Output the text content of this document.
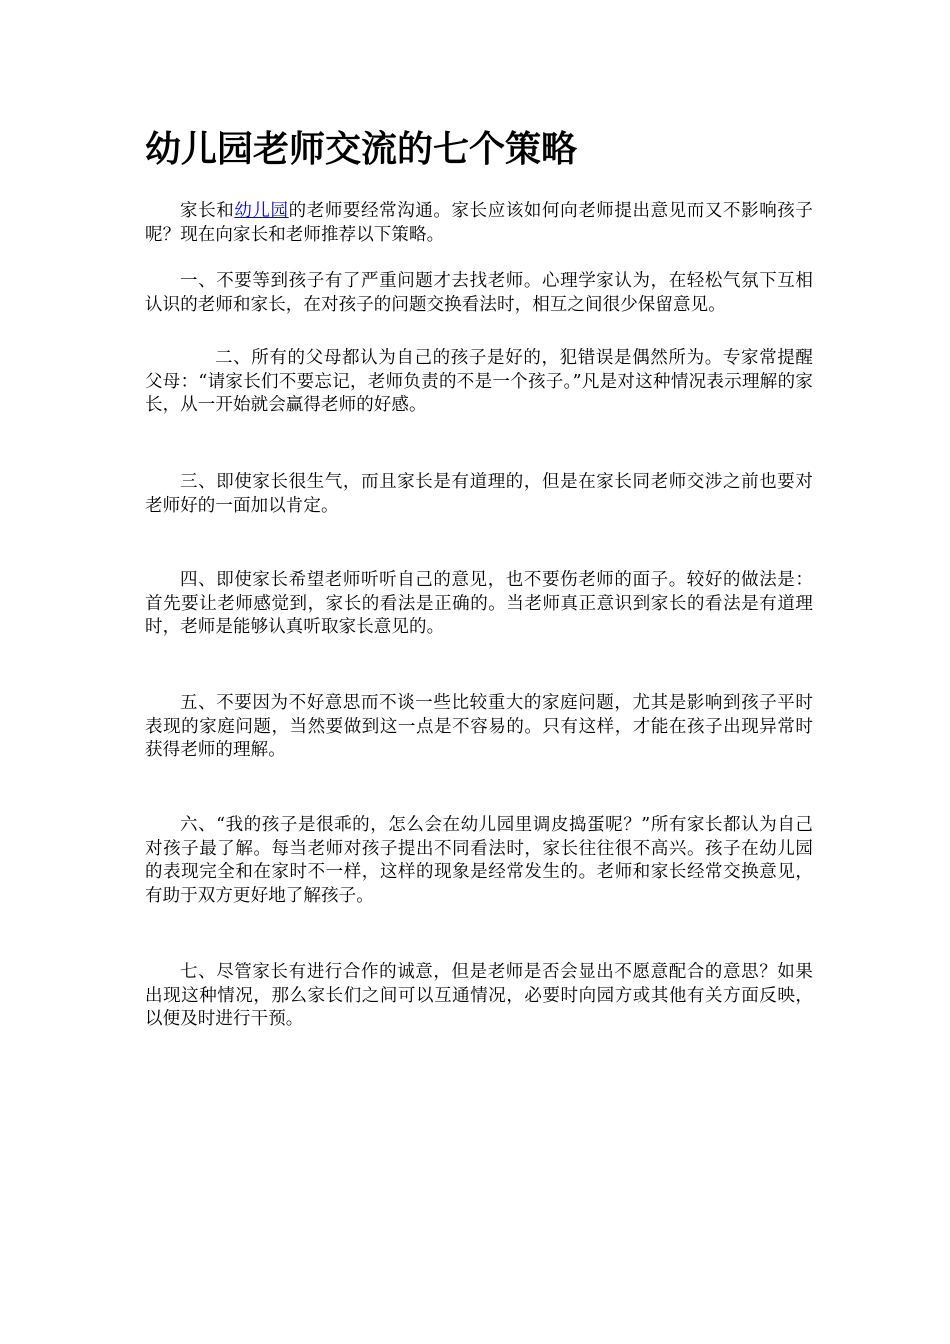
幼儿园老师交流的七个策略

家长和幼儿园的老师要经常沟通。家长应该如何向老师提出意见而又不影响孩子呢？现在向家长和老师推荐以下策略。

一、不要等到孩子有了严重问题才去找老师。心理学家认为，在轻松气氛下互相认识的老师和家长，在对孩子的问题交换看法时，相互之间很少保留意见。

二、所有的父母都认为自己的孩子是好的，犯错误是偶然所为。专家常提醒父母：“请家长们不要忘记，老师负责的不是一个孩子。”凡是对这种情况表示理解的家长，从一开始就会赢得老师的好感。

三、即使家长很生气，而且家长是有道理的，但是在家长同老师交涉之前也要对老师好的一面加以肯定。

四、即使家长希望老师听听自己的意见，也不要伤老师的面子。较好的做法是：首先要让老师感觉到，家长的看法是正确的。当老师真正意识到家长的看法是有道理时，老师是能够认真听取家长意见的。

五、不要因为不好意思而不谈一些比较重大的家庭问题，尤其是影响到孩子平时表现的家庭问题，当然要做到这一点是不容易的。只有这样，才能在孩子出现异常时获得老师的理解。

六、“我的孩子是很乖的，怎么会在幼儿园里调皮捣蛋呢？”所有家长都认为自己对孩子最了解。每当老师对孩子提出不同看法时，家长往往很不高兴。孩子在幼儿园的表现完全和在家时不一样，这样的现象是经常发生的。老师和家长经常交换意见，有助于双方更好地了解孩子。

七、尽管家长有进行合作的诚意，但是老师是否会显出不愿意配合的意思？如果出现这种情况，那么家长们之间可以互通情况，必要时向园方或其他有关方面反映，以便及时进行干预。
